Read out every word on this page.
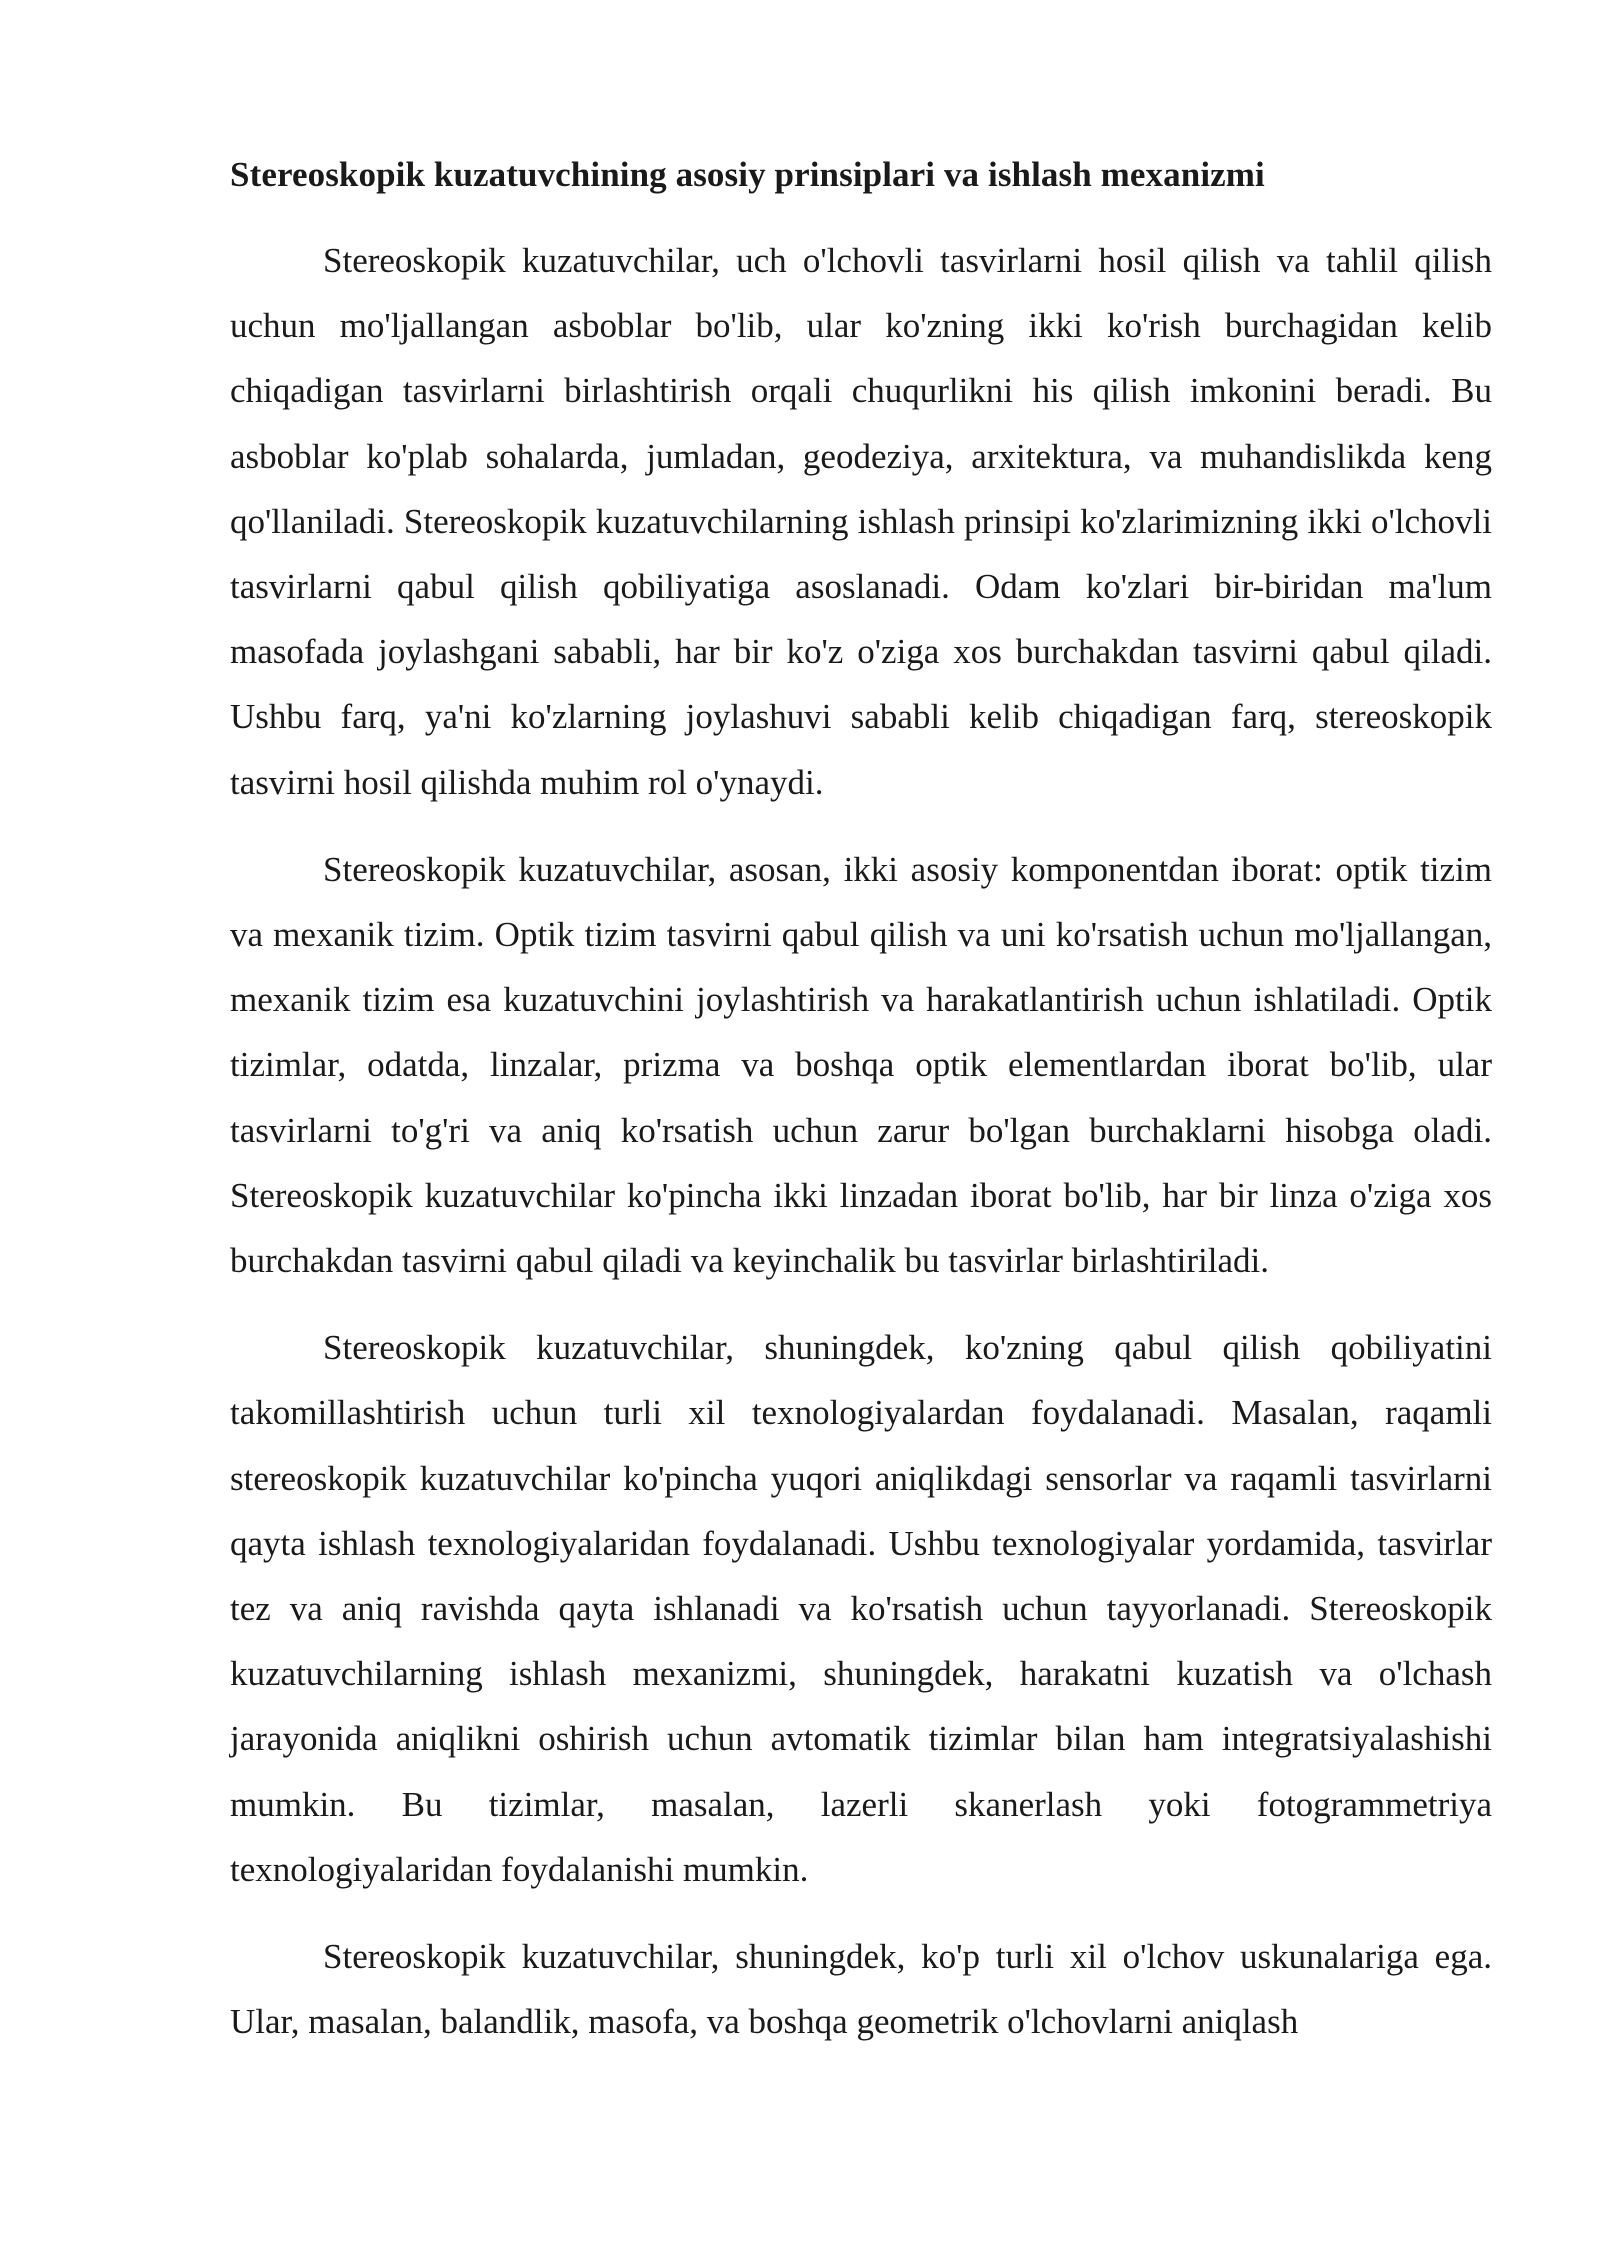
Stereoskopik kuzatuvchining asosiy prinsiplari va ishlash mexanizmi

Stereoskopik kuzatuvchilar, uch o'lchovli tasvirlarni hosil qilish va tahlil qilish uchun mo'ljallangan asboblar bo'lib, ular ko'zning ikki ko'rish burchagidan kelib chiqadigan tasvirlarni birlashtirish orqali chuqurlikni his qilish imkonini beradi. Bu asboblar ko'plab sohalarda, jumladan, geodeziya, arxitektura, va muhandislikda keng qo'llaniladi. Stereoskopik kuzatuvchilarning ishlash prinsipi ko'zlarimizning ikki o'lchovli tasvirlarni qabul qilish qobiliyatiga asoslanadi. Odam ko'zlari bir-biridan ma'lum masofada joylashgani sababli, har bir ko'z o'ziga xos burchakdan tasvirni qabul qiladi. Ushbu farq, ya'ni ko'zlarning joylashuvi sababli kelib chiqadigan farq, stereoskopik tasvirni hosil qilishda muhim rol o'ynaydi.

Stereoskopik kuzatuvchilar, asosan, ikki asosiy komponentdan iborat: optik tizim va mexanik tizim. Optik tizim tasvirni qabul qilish va uni ko'rsatish uchun mo'ljallangan, mexanik tizim esa kuzatuvchini joylashtirish va harakatlantirish uchun ishlatiladi. Optik tizimlar, odatda, linzalar, prizma va boshqa optik elementlardan iborat bo'lib, ular tasvirlarni to'g'ri va aniq ko'rsatish uchun zarur bo'lgan burchaklarni hisobga oladi. Stereoskopik kuzatuvchilar ko'pincha ikki linzadan iborat bo'lib, har bir linza o'ziga xos burchakdan tasvirni qabul qiladi va keyinchalik bu tasvirlar birlashtiriladi.

Stereoskopik kuzatuvchilar, shuningdek, ko'zning qabul qilish qobiliyatini takomillashtirish uchun turli xil texnologiyalardan foydalanadi. Masalan, raqamli stereoskopik kuzatuvchilar ko'pincha yuqori aniqlikdagi sensorlar va raqamli tasvirlarni qayta ishlash texnologiyalaridan foydalanadi. Ushbu texnologiyalar yordamida, tasvirlar tez va aniq ravishda qayta ishlanadi va ko'rsatish uchun tayyorlanadi. Stereoskopik kuzatuvchilarning ishlash mexanizmi, shuningdek, harakatni kuzatish va o'lchash jarayonida aniqlikni oshirish uchun avtomatik tizimlar bilan ham integratsiyalashishi mumkin. Bu tizimlar, masalan, lazerli skanerlash yoki fotogrammetriya texnologiyalaridan foydalanishi mumkin.

Stereoskopik kuzatuvchilar, shuningdek, ko'p turli xil o'lchov uskunalariga ega. Ular, masalan, balandlik, masofa, va boshqa geometrik o'lchovlarni aniqlash
